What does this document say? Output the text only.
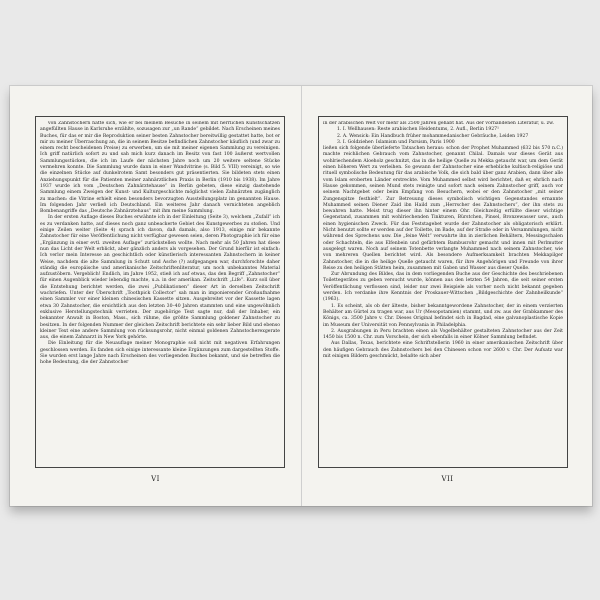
von Zahnstochern hatte sich, wie er bei meinem Besuche in seinem mit herrlichen Kunstschätzen angefüllten Hause in Karlsruhe erzählte, sozusagen zur „un Rande“ gebildet. Nach Erscheinen meines Buches, für das er mir die Reproduktion seiner besten Zahnstocher bereitwillig gestattet hatte, bot er mir zu meiner Überraschung an, die in seinem Besitze befindlichen Zahnstocher käuflich (und zwar zu einem recht bescheidenen Preise) zu erwerben, um sie mit meiner eigenen Sammlung zu vereinigen. Ich griff natürlich sofort zu und sah mich kurz danach im Besitz von fast 100 äußerst wertvollen Sammlungsstücken, die ich im Laufe der nächsten Jahre noch um 20 weitere seltene Stücke vermehren konnte. Die Sammlung wurde dann in einer Wandvitrine (s. Bild 5. VIII) vereinigt, so wie die einzelnen Stücke auf dunkelrotem Samt besonders gut präsentierten. Sie bildeten stets einen Anziehungspunkt für die Patienten meiner zahnärztlichen Praxis in Berlin (1910 bis 1938). Im Jahre 1937 wurde ich vom „Deutschen Zahnärztehause“ in Berlin gebeten, diese einzig dastehende Sammlung einem Zweigen der Kunst- und Kulturgeschichte möglichst vielen Zahnärzten zugänglich zu machen: die Vitrine erhielt einen besonders bevorzugten Ausstellungsplatz im genannten Hause. Im folgenden Jahr verließ ich Deutschland. Ein weiteres Jahr danach vernichteten angeblich Bombenangriffe das „Deutsche Zahnärztehaus“ mit ihm meine Sammlung.

In der ersten Auflage dieses Buches erwähnte ich in der Einleitung (Seite 3), welchem „Zufall“ ich es zu verdanken hatte, auf dieses noch ganz unbeackerte Gebiet des Kunstgewerbes zu stoßen. Und einige Zeilen weiter (Seite 4) sprach ich davon, daß damals, also 1913, einige mir bekannte Zahnstocher für eine Veröffentlichung nicht verfügbar gewesen seien, deren Photographie ich für eine „Ergänzung in einer evtl. zweiten Auflage“ zurückstellen wollte. Nach mehr als 50 Jahren hat diese nun das Licht der Welt erblickt, aber gänzlich anders als vorgesehen. Der Grund hierfür ist einfach: Ich verlor mein Interesse an geschichtlich oder künstlerisch interessanten Zahnstochern in keiner Weise, nachdem die alte Sammlung in Schutt und Asche (?) aufgegangen war, durchforschte daher ständig die europäische und amerikanische Zeitschriftenliteratur, um noch unbekanntes Material aufzustöbern. Vergeblich! Endlich, im Jahre 1952, stieß ich auf etwas, das den Begriff „Zahnstocher“ für einen Augenblick wieder lebendig machte, u.a. in der amerikan. Zeitschrift „Life“. Kurz soll über die Entstehung berichtet werden, die zwei „Publikationen“ dieser Art in derselben Zeitschrift wachriefen. Unter der Überschrift „Toothpick Collector“ sah man in imponierender Großaufnahme einen Sammler vor einer kleinen chinesischen Kassette sitzen. Ausgebreitet vor der Kassette lagen etwa 30 Zahnstocher, die ersichtlich aus den letzten 30–40 Jahren stammten und eine ungewöhnlich exklusive Herstellungstechnik verrieten. Der zugehörige Text sagte nur, daß der Inhaber, ein bekannter Anwalt in Boston, Mass., sich rühme, die größte Sammlung goldener Zahnstocher zu besitzen. In der folgenden Nummer der gleichen Zeitschrift berichtete ein sehr lieber Bild und ebenso kleiner Text eine andere Sammlung von rücksungsrohr, nicht einmal goldenen Zahnstocherexgerate aus, die einem Zahnarzt in New York gehörte.

Die Einleitung für die Neuauflage meiner Monographie soll nicht mit negativen Erfahrungen geschlossen werden. Es fanden sich einige interessante kleine Ergänzungen zum dargestellten Stoffe. Sie wurden erst lange Jahre nach Erscheinen des vorliegenden Buches bekannt, und sie betreffen die hohe Bedeutung, die der Zahnstocher

VI

in der arabischen Welt vor mehr als 2500 Jahren gehabt hat. Aus der vorhandenen Literatur, u. zw.

1. I. Wellhausen: Reste arabischen Heidentums, 2. Aufl., Berlin 1927¹

2. A. Wensick: Ein Handbuch früher mohammedanischer Gebräuche, Leiden 1927

3. I. Goldzieher: Islamism und Parsism, Paris 1900

ließen sich folgende überlieferte Tatsachen heraus: schon der Prophet Muhammed (632 bis 570 n.C.) machte reichlichen Gebrauch vom Zahnstocher, genannt Chilal. Damals war dieses Gerät aus wohlriechendem Aloeholz geschnitzt, das in die heilige Quelle zu Mekka getaucht war, um dem Gerät einen höheren Wert zu verleihen. So gewann der Zahnstocher eine erhebliche kultisch-religiöse und rituell symbolische Bedeutung für das arabische Volk, die sich bald über ganz Arabien, dann über alle vom Islam eroberten Länder erstreckte. Vom Muhammed selbst wird berichtet, daß er, ehrlich nach Hause gekommen, seinen Mund stets reinigte und sofort nach seinem Zahnstocher griff, auch vor seinem Nachtgebet oder beim Empfang von Besuchern, wobei er den Zahnstocher „mit seiner Zungenspitze festhielt“. Zur Betreuung dieses symbolisch wichtigen Gegenstandes ernannte Muhammed seinen Diener Zaid ibn Haild zum „Herrscher des Zahnstochers“, der ihn stets zu bewahren hatte. Meist trug dieser ihn hinter einem Ohr. Gleichzeitig erfüllte dieser wichtige Gegenstand, zusammen mit wohlriechenden Tinkturen, Bürstchen, Pinsel, Bronzewasser usw., auch einen hygienischen Zweck. Für das Feststagebet wurde der Zahnstocher als obligatorisch erklärt. Nicht benutzt sollte er werden auf der Toilette, im Bade, auf der Straße oder in Versammlungen, nicht während des Sprechens usw. Die „feine Welt“ verwahrte ihn in zierlichen Behältern, Messingschalen oder Schachteln, die aus Elfenbein und gefärbtem Bambusrohr gemacht und innen mit Perlmutter ausgelegt waren. Noch auf seinem Totenbette verlangte Muhammed nach seinem Zahnstocher, wie von mehreren Quellen berichtet wird. Als besondere Aufmerksamkeit brachten Mekkapilger Zahnstocher, die in die heilige Quelle getaucht waren, für ihre Angehörigen und Freunde von ihrer Reise zu den heiligen Stätten heim, zusammen mit Gaben und Wasser aus dieser Quelle.

Zur Abrundung des Bildes, das in dem vorliegenden Buche aus der Geschichte des beschriebenen Toilettegerätes zu geben versucht wurde, können aus den letzten 54 Jahren, die seit seiner ersten Veröffentlichung verflossen sind, leider nur zwei Beispiele als vorher noch nicht bekannt gegeben werden. Ich verdanke ihre Kenntnis der Proskauer-Wittschen „Bildgeschichte der Zahnheilkunde“ (1963).

1. Es scheint, als ob der älteste, bisher bekanntgewordene Zahnstocher, der in einem verzierten Behälter am Gürtel zu tragen war, aus Ur (Mesopotamien) stammt, und zw. aus der Grabkammer des Königs, ca. 3500 Jahre v. Chr. Dieses Original befindet sich in Bagdad, eine galvanoplastische Kopie im Museum der Universität von Pennsylvania in Philadelphia.

2. Ausgrabungen in Peru brachten einen als Vogelbehälter gestalteten Zahnstocher aus der Zeit 1450 bis 1500 n. Chr. zum Vorschein, der sich ebenfalls in einer Kölner Sammlung befindet.

Aus Dallas, Texas, berichtete eine Schriftstellerin 1960 in einer amerikanischen Zeitschrift über den häufigen Gebrauch des Zahnstochers bei den Chinesen schon vor 2600 v. Chr. Der Aufsatz war mit einigen Bildern geschmückt, belaßte sich aber

VII
